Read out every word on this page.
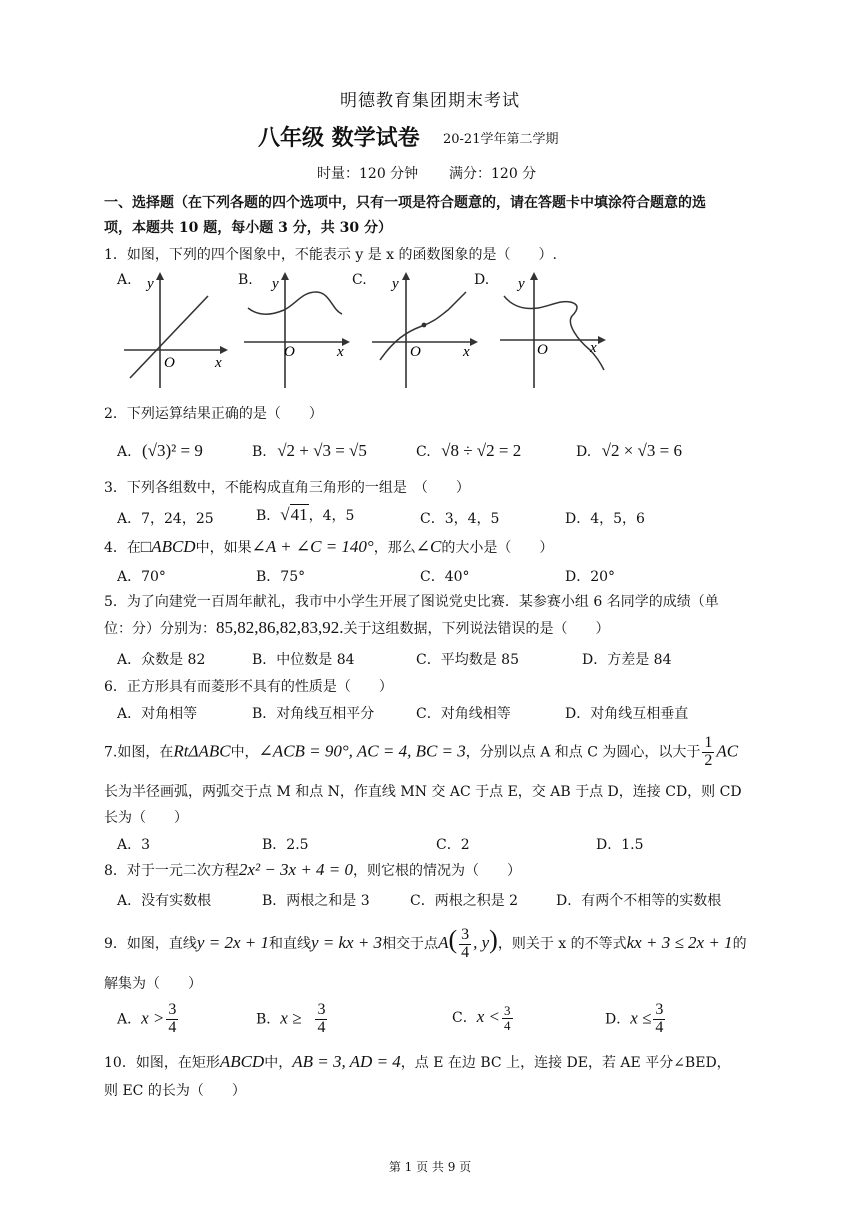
明德教育集团期末考试
八年级 数学试卷 20-21学年第二学期
时量：120 分钟 满分：120 分
一、选择题（在下列各题的四个选项中，只有一项是符合题意的，请在答题卡中填涂符合题意的选
项，本题共 10 题，每小题 3 分，共 30 分）
1．如图，下列的四个图象中，不能表示 y 是 x 的函数图象的是（　　）.
A.	B.	C.	D.
y
O	x
y
O	x
y
O	x
y
O	x
2．下列运算结果正确的是（　　）
A. (√3)² = 9	B. √2 + √3 = √5	C. √8 ÷ √2 = 2	D. √2 × √3 = 6
3．下列各组数中，不能构成直角三角形的一组是　（　　）
A．7，24，25	B．√41，4，5	C．3，4，5	D．4，5，6
4．在□ABCD中，如果∠A + ∠C = 140°，那么∠C的大小是（　　）
A．70°	B．75°	C．40°	D．20°
5．为了向建党一百周年献礼，我市中小学生开展了图说党史比赛．某参赛小组 6 名同学的成绩（单
位：分）分别为：85,82,86,82,83,92.关于这组数据，下列说法错误的是（　　）
A．众数是 82	B．中位数是 84	C．平均数是 85	D．方差是 84
6．正方形具有而菱形不具有的性质是（　　）
A．对角相等	B．对角线互相平分	C．对角线相等	D．对角线互相垂直
7.如图，在RtΔABC中，∠ACB = 90°, AC = 4, BC = 3，分别以点 A 和点 C 为圆心，以大于 $\frac{1}{2}$ AC
长为半径画弧，两弧交于点 M 和点 N，作直线 MN 交 AC 于点 E，交 AB 于点 D，连接 CD，则 CD
长为（　　）
A．3	B．2.5	C．2	D．1.5
8．对于一元二次方程2x² − 3x + 4 = 0，则它根的情况为（　　）
A．没有实数根	B．两根之和是 3	C．两根之积是 2	D．有两个不相等的实数根
9．如图，直线y = 2x + 1和直线y = kx + 3相交于点$A( \frac{3}{4}$ , y)，则关于 x 的不等式kx + 3 ≤ 2x + 1的
解集为（　　）
A．$x > \frac{3}{4}$	B．$x \ge \frac{3}{4}$	C．$x < \frac{3}{4}$	D．$x \le \frac{3}{4}$
10．如图，在矩形ABCD中，AB = 3, AD = 4，点 E 在边 BC 上，连接 DE，若 AE 平分∠BED，
则 EC 的长为（　　）
第 1 页 共 9 页
